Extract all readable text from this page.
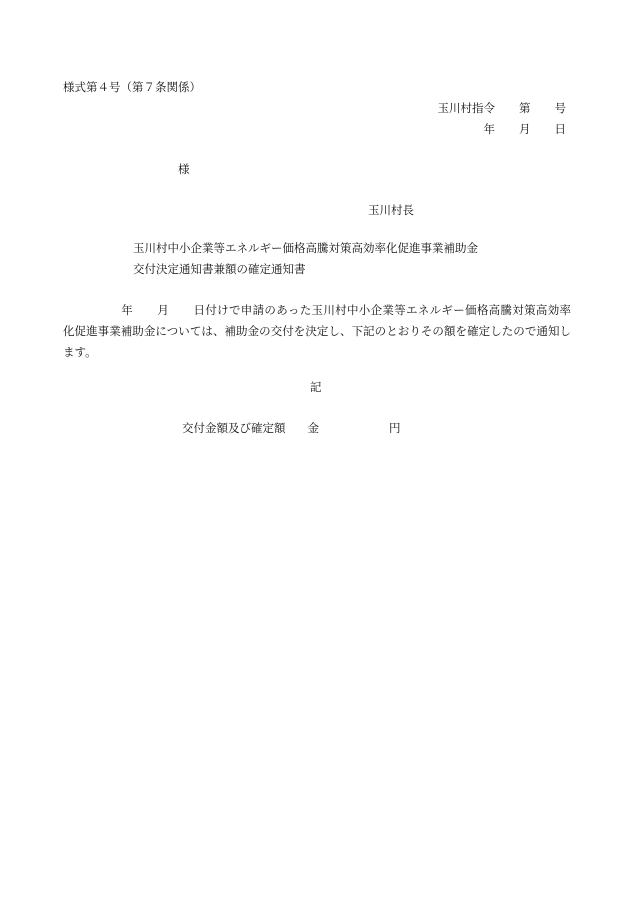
様式第４号（第７条関係）
玉川村指令 第 号
年 月 日
様
玉川村長
玉川村中小企業等エネルギー価格高騰対策高効率化促進事業補助金
交付決定通知書兼額の確定通知書
年 月 日付けで申請のあった玉川村中小企業等エネルギー価格高騰対策高効率化促進事業補助金については、補助金の交付を決定し、下記のとおりその額を確定したので通知します。
記
交付金額及び確定額 金	円
